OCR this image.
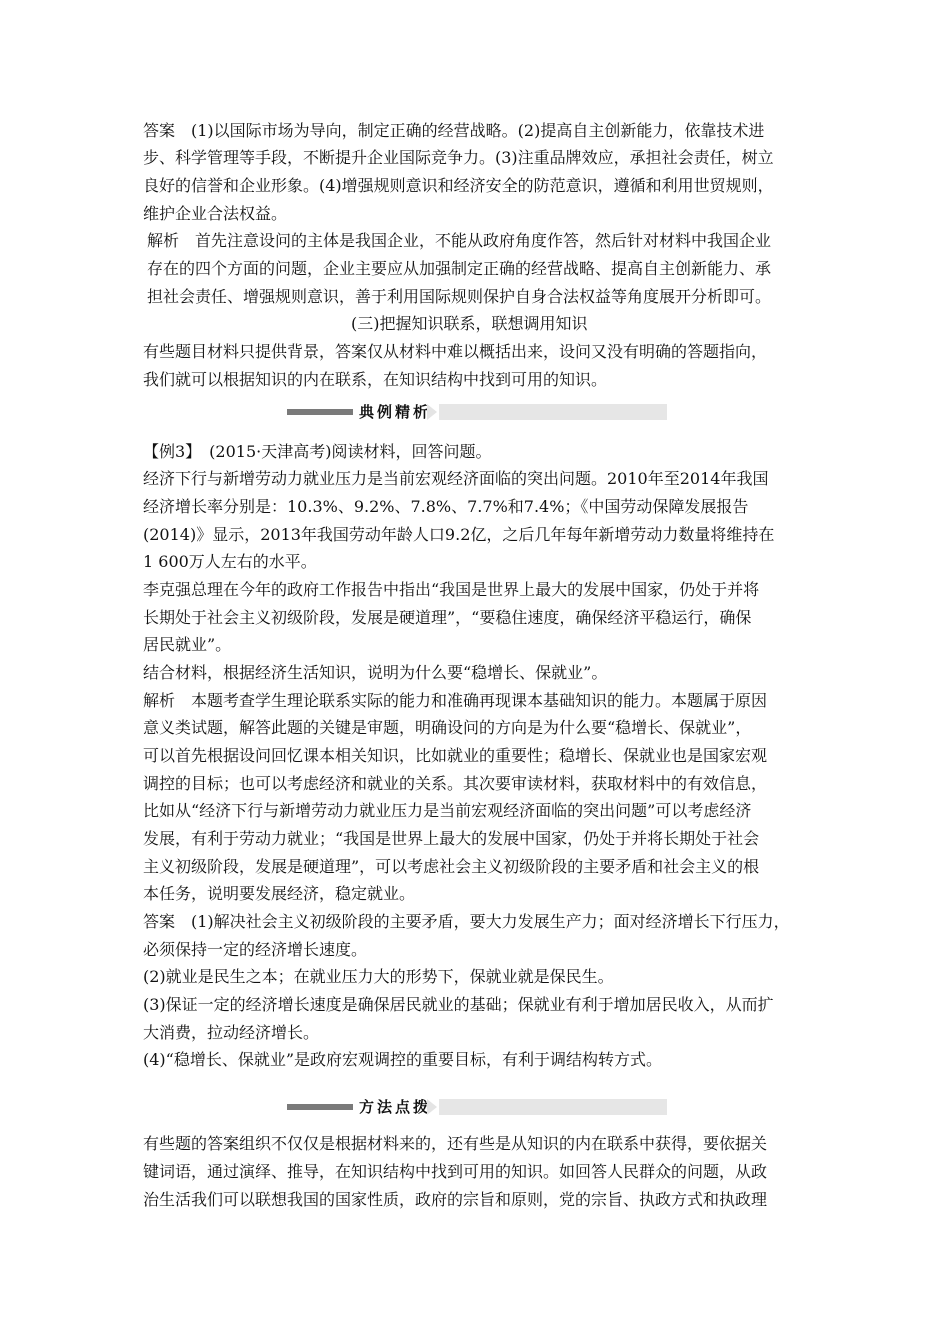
答案　(1)以国际市场为导向，制定正确的经营战略。(2)提高自主创新能力，依靠技术进
步、科学管理等手段，不断提升企业国际竞争力。(3)注重品牌效应，承担社会责任，树立
良好的信誉和企业形象。(4)增强规则意识和经济安全的防范意识，遵循和利用世贸规则，
维护企业合法权益。
解析　首先注意设问的主体是我国企业，不能从政府角度作答，然后针对材料中我国企业
存在的四个方面的问题，企业主要应从加强制定正确的经营战略、提高自主创新能力、承
担社会责任、增强规则意识，善于利用国际规则保护自身合法权益等角度展开分析即可。
(三)把握知识联系，联想调用知识
有些题目材料只提供背景，答案仅从材料中难以概括出来，设问又没有明确的答题指向，
我们就可以根据知识的内在联系，在知识结构中找到可用的知识。
典例精析
【例3】　(2015·天津高考)阅读材料，回答问题。
经济下行与新增劳动力就业压力是当前宏观经济面临的突出问题。2010年至2014年我国
经济增长率分别是：10.3%、9.2%、7.8%、7.7%和7.4%；《中国劳动保障发展报告
(2014)》显示，2013年我国劳动年龄人口9.2亿，之后几年每年新增劳动力数量将维持在
1 600万人左右的水平。
李克强总理在今年的政府工作报告中指出“我国是世界上最大的发展中国家，仍处于并将
长期处于社会主义初级阶段，发展是硬道理”，“要稳住速度，确保经济平稳运行，确保
居民就业”。
结合材料，根据经济生活知识，说明为什么要“稳增长、保就业”。
解析　本题考查学生理论联系实际的能力和准确再现课本基础知识的能力。本题属于原因
意义类试题，解答此题的关键是审题，明确设问的方向是为什么要“稳增长、保就业”，
可以首先根据设问回忆课本相关知识，比如就业的重要性；稳增长、保就业也是国家宏观
调控的目标；也可以考虑经济和就业的关系。其次要审读材料，获取材料中的有效信息，
比如从“经济下行与新增劳动力就业压力是当前宏观经济面临的突出问题”可以考虑经济
发展，有利于劳动力就业；“我国是世界上最大的发展中国家，仍处于并将长期处于社会
主义初级阶段，发展是硬道理”，可以考虑社会主义初级阶段的主要矛盾和社会主义的根
本任务，说明要发展经济，稳定就业。
答案　(1)解决社会主义初级阶段的主要矛盾，要大力发展生产力；面对经济增长下行压力，
必须保持一定的经济增长速度。
(2)就业是民生之本；在就业压力大的形势下，保就业就是保民生。
(3)保证一定的经济增长速度是确保居民就业的基础；保就业有利于增加居民收入，从而扩
大消费，拉动经济增长。
(4)“稳增长、保就业”是政府宏观调控的重要目标，有利于调结构转方式。
方法点拨
有些题的答案组织不仅仅是根据材料来的，还有些是从知识的内在联系中获得，要依据关
键词语，通过演绎、推导，在知识结构中找到可用的知识。如回答人民群众的问题，从政
治生活我们可以联想我国的国家性质，政府的宗旨和原则，党的宗旨、执政方式和执政理
